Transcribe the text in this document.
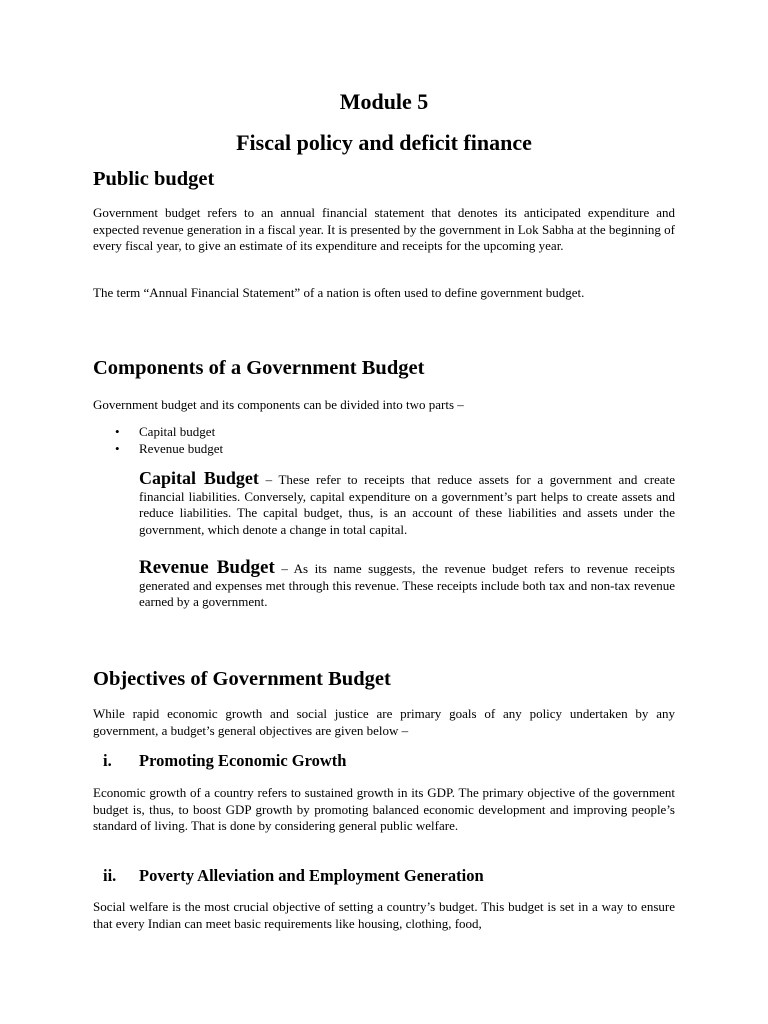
Module 5
Fiscal policy and deficit finance
Public budget

Government budget refers to an annual financial statement that denotes its anticipated expenditure and expected revenue generation in a fiscal year. It is presented by the government in Lok Sabha at the beginning of every fiscal year, to give an estimate of its expenditure and receipts for the upcoming year.

The term “Annual Financial Statement” of a nation is often used to define government budget.

Components of a Government Budget

Government budget and its components can be divided into two parts –

• Capital budget
• Revenue budget

Capital Budget – These refer to receipts that reduce assets for a government and create financial liabilities. Conversely, capital expenditure on a government’s part helps to create assets and reduce liabilities. The capital budget, thus, is an account of these liabilities and assets under the government, which denote a change in total capital.

Revenue Budget – As its name suggests, the revenue budget refers to revenue receipts generated and expenses met through this revenue. These receipts include both tax and non-tax revenue earned by a government.

Objectives of Government Budget

While rapid economic growth and social justice are primary goals of any policy undertaken by any government, a budget’s general objectives are given below –

i. Promoting Economic Growth

Economic growth of a country refers to sustained growth in its GDP. The primary objective of the government budget is, thus, to boost GDP growth by promoting balanced economic development and improving people’s standard of living. That is done by considering general public welfare.

ii. Poverty Alleviation and Employment Generation

Social welfare is the most crucial objective of setting a country’s budget. This budget is set in a way to ensure that every Indian can meet basic requirements like housing, clothing, food,
